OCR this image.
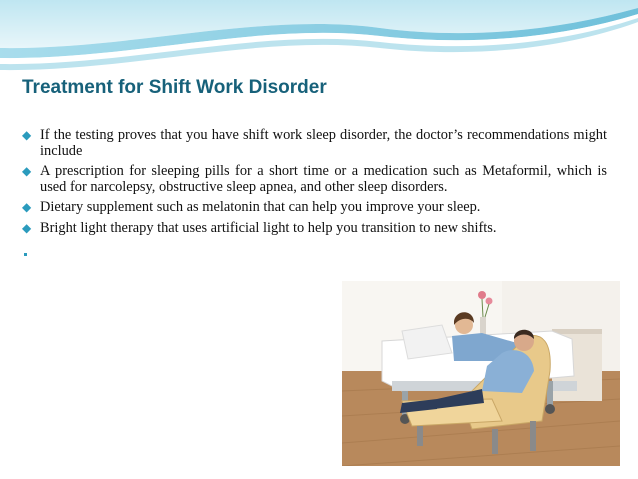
Treatment for Shift Work Disorder
◆ If the testing proves that you have shift work sleep disorder, the doctor’s recommendations might include
◆ A prescription for sleeping pills for a short time or a medication such as Metaformil, which is used for narcolepsy, obstructive sleep apnea, and other sleep disorders.
◆ Dietary supplement such as melatonin that can help you improve your sleep.
◆ Bright light therapy that uses artificial light to help you transition to new shifts.
